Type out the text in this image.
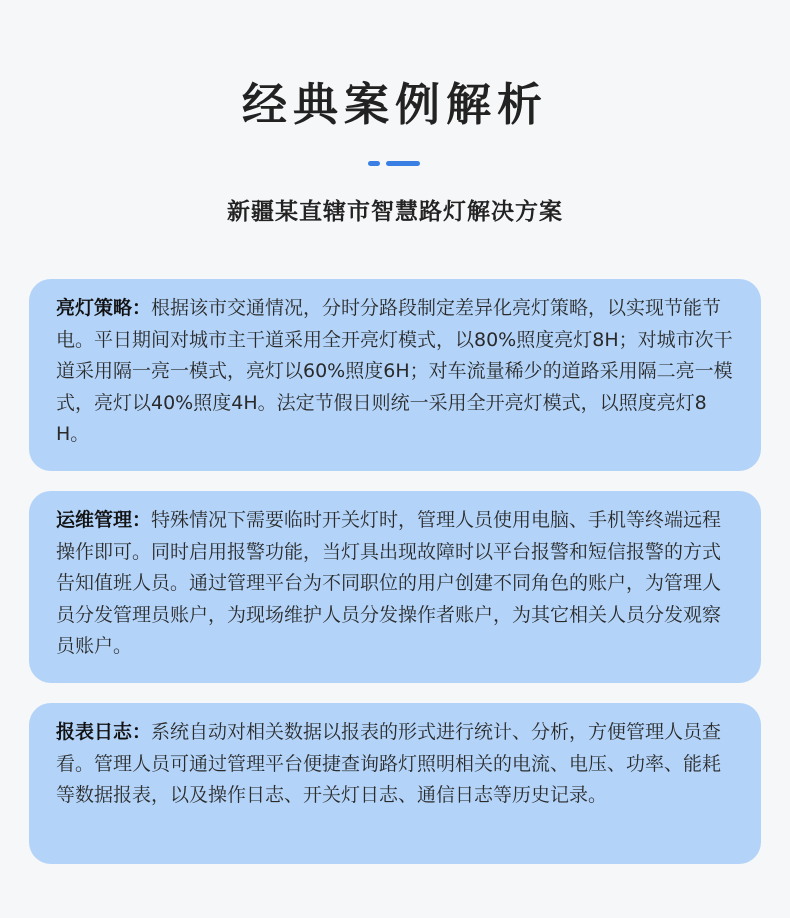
经典案例解析
新疆某直辖市智慧路灯解决方案

亮灯策略：根据该市交通情况，分时分路段制定差异化亮灯策略，以实现节能节电。平日期间对城市主干道采用全开亮灯模式，以80%照度亮灯8H；对城市次干道采用隔一亮一模式，亮灯以60%照度6H；对车流量稀少的道路采用隔二亮一模式，亮灯以40%照度4H。法定节假日则统一采用全开亮灯模式，以照度亮灯8H。

运维管理：特殊情况下需要临时开关灯时，管理人员使用电脑、手机等终端远程操作即可。同时启用报警功能，当灯具出现故障时以平台报警和短信报警的方式告知值班人员。通过管理平台为不同职位的用户创建不同角色的账户，为管理人员分发管理员账户，为现场维护人员分发操作者账户，为其它相关人员分发观察员账户。

报表日志：系统自动对相关数据以报表的形式进行统计、分析，方便管理人员查看。管理人员可通过管理平台便捷查询路灯照明相关的电流、电压、功率、能耗等数据报表，以及操作日志、开关灯日志、通信日志等历史记录。
